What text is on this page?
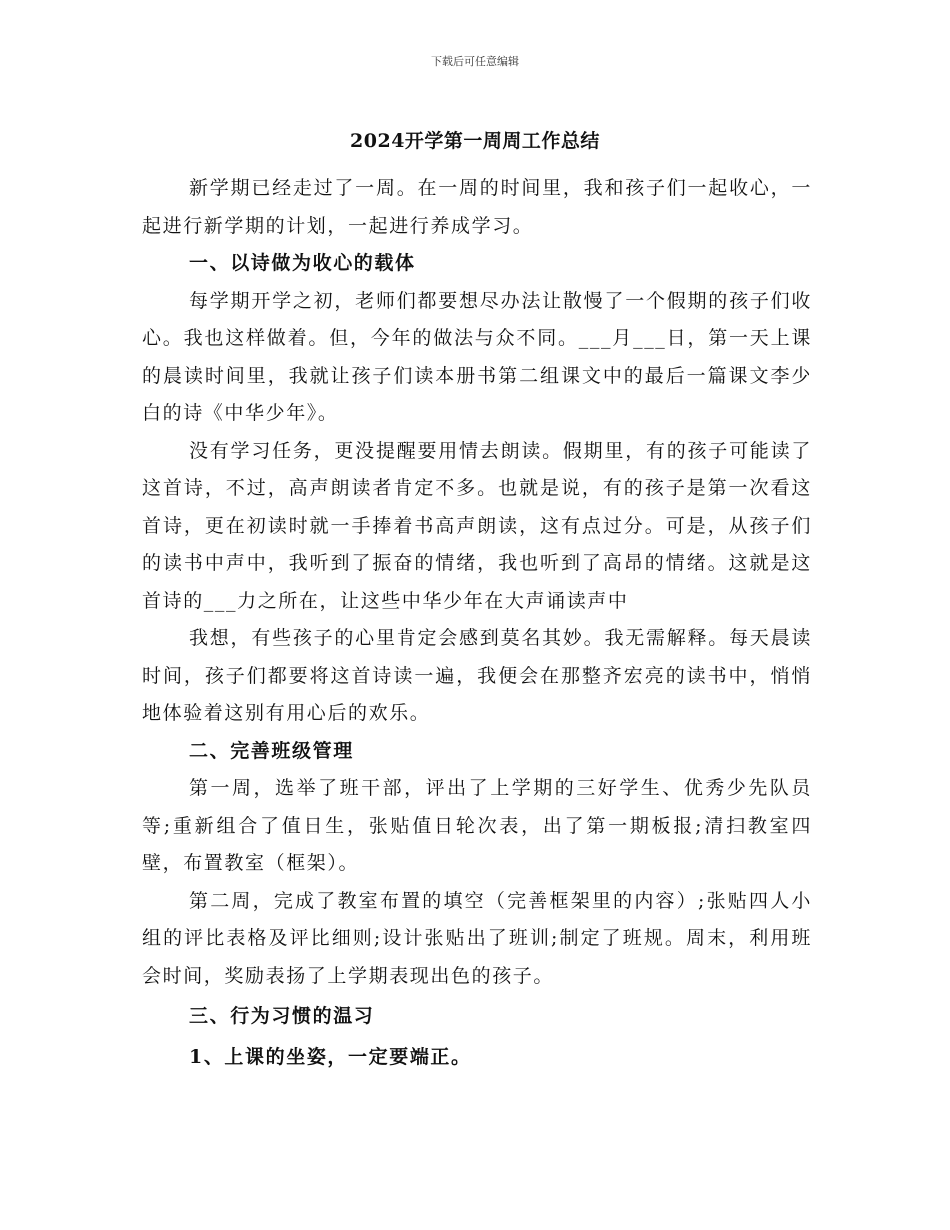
下载后可任意编辑
2024开学第一周周工作总结

新学期已经走过了一周。在一周的时间里，我和孩子们一起收心，一起进行新学期的计划，一起进行养成学习。

一、以诗做为收心的载体

每学期开学之初，老师们都要想尽办法让散慢了一个假期的孩子们收心。我也这样做着。但，今年的做法与众不同。___月___日，第一天上课的晨读时间里，我就让孩子们读本册书第二组课文中的最后一篇课文李少白的诗《中华少年》。

没有学习任务，更没提醒要用情去朗读。假期里，有的孩子可能读了这首诗，不过，高声朗读者肯定不多。也就是说，有的孩子是第一次看这首诗，更在初读时就一手捧着书高声朗读，这有点过分。可是，从孩子们的读书中声中，我听到了振奋的情绪，我也听到了高昂的情绪。这就是这首诗的___力之所在，让这些中华少年在大声诵读声中

我想，有些孩子的心里肯定会感到莫名其妙。我无需解释。每天晨读时间，孩子们都要将这首诗读一遍，我便会在那整齐宏亮的读书中，悄悄地体验着这别有用心后的欢乐。

二、完善班级管理

第一周，选举了班干部，评出了上学期的三好学生、优秀少先队员等;重新组合了值日生，张贴值日轮次表，出了第一期板报;清扫教室四壁，布置教室（框架）。

第二周，完成了教室布置的填空（完善框架里的内容）;张贴四人小组的评比表格及评比细则;设计张贴出了班训;制定了班规。周末，利用班会时间，奖励表扬了上学期表现出色的孩子。

三、行为习惯的温习

1、上课的坐姿，一定要端正。
